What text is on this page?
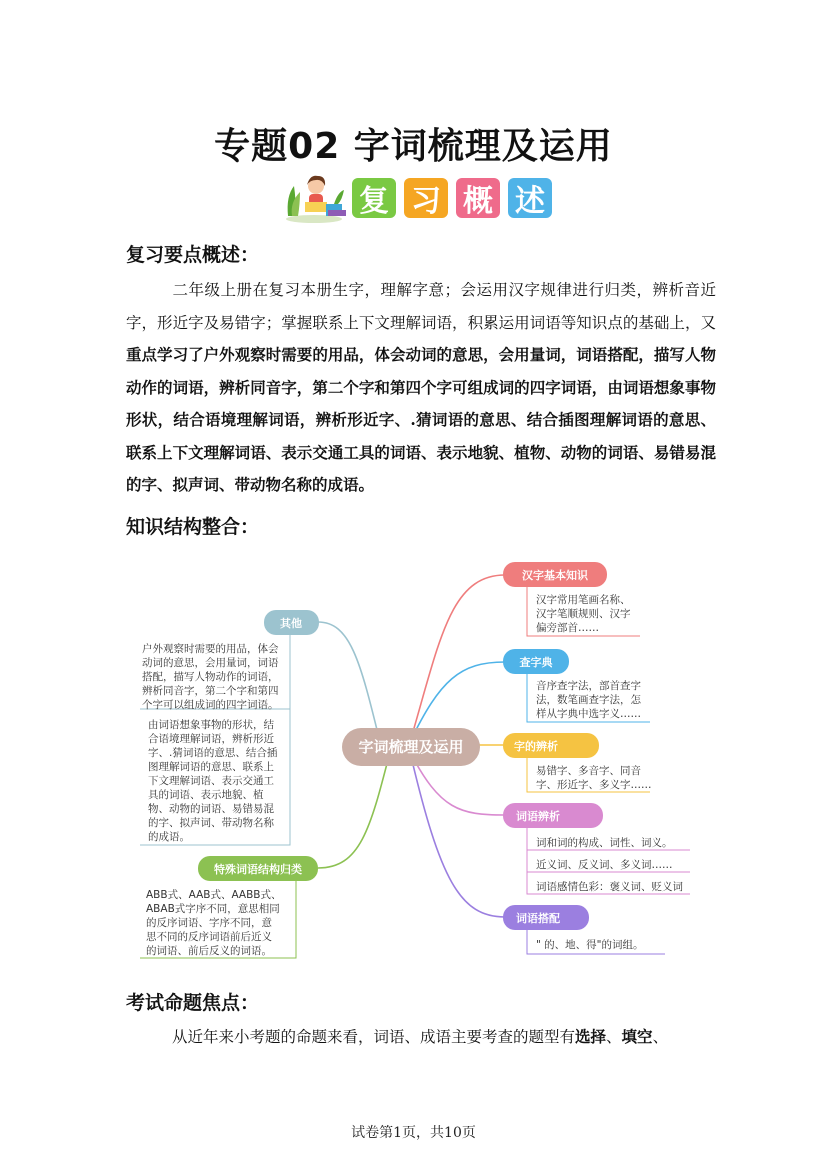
专题02 字词梳理及运用
复 习 概 述
复习要点概述：
二年级上册在复习本册生字，理解字意；会运用汉字规律进行归类，辨析音近字，形近字及易错字；掌握联系上下文理解词语，积累运用词语等知识点的基础上，又重点学习了户外观察时需要的用品，体会动词的意思，会用量词，词语搭配，描写人物动作的词语，辨析同音字，第二个字和第四个字可组成词的四字词语，由词语想象事物形状，结合语境理解词语，辨析形近字、.猜词语的意思、结合插图理解词语的意思、联系上下文理解词语、表示交通工具的词语、表示地貌、植物、动物的词语、易错易混的字、拟声词、带动物名称的成语。
知识结构整合：
字词梳理及运用
汉字基本知识
汉字常用笔画名称、
汉字笔顺规则、汉字
偏旁部首……
查字典
音序查字法，部首查字
法，数笔画查字法，怎
样从字典中选字义……
字的辨析
易错字、多音字、同音
字、形近字、多义字……
词语辨析
词和词的构成、词性、词义。
近义词、反义词、多义词……
词语感情色彩：褒义词、贬义词
词语搭配
" 的、地、得"的词组。
其他
户外观察时需要的用品，体会
动词的意思，会用量词，词语
搭配，描写人物动作的词语，
辨析同音字，第二个字和第四
个字可以组成词的四字词语。
由词语想象事物的形状，结
合语境理解词语，辨析形近
字、.猜词语的意思、结合插
图理解词语的意思、联系上
下文理解词语、表示交通工
具的词语、表示地貌、植
物、动物的词语、易错易混
的字、拟声词、带动物名称
的成语。
特殊词语结构归类
ABB式、AAB式、AABB式、
ABAB式字序不同，意思相同
的反序词语、字序不同，意
思不同的反序词语前后近义
的词语、前后反义的词语。
考试命题焦点：
从近年来小考题的命题来看，词语、成语主要考查的题型有选择、填空、
试卷第1页，共10页
